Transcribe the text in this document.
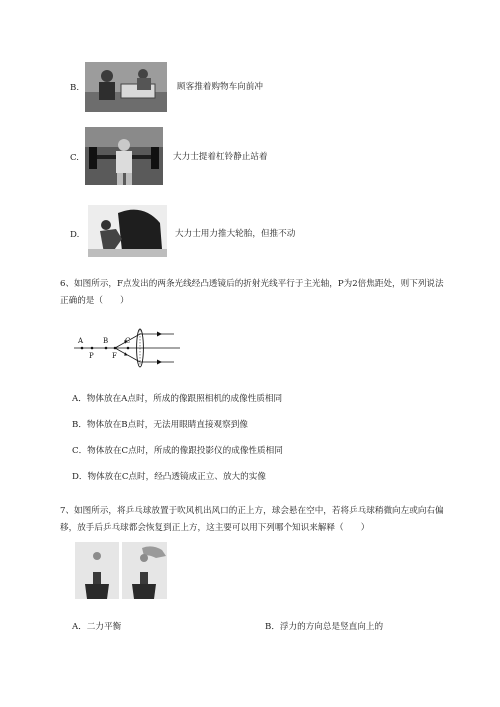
B.	顾客推着购物车向前冲
C.	大力士提着杠铃静止站着
D.	大力士用力推大轮胎，但推不动
6、如图所示，F点发出的两条光线经凸透镜后的折射光线平行于主光轴，P为2倍焦距处，则下列说法正确的是（　　）
A
P
B
F
C
A．物体放在A点时，所成的像跟照相机的成像性质相同
B．物体放在B点时，无法用眼睛直接观察到像
C．物体放在C点时，所成的像跟投影仪的成像性质相同
D．物体放在C点时，经凸透镜成正立、放大的实像
7、如图所示，将乒乓球放置于吹风机出风口的正上方，球会悬在空中，若将乒乓球稍微向左或向右偏移，放手后乒乓球都会恢复到正上方，这主要可以用下列哪个知识来解释（　　）
A．二力平衡	B．浮力的方向总是竖直向上的
